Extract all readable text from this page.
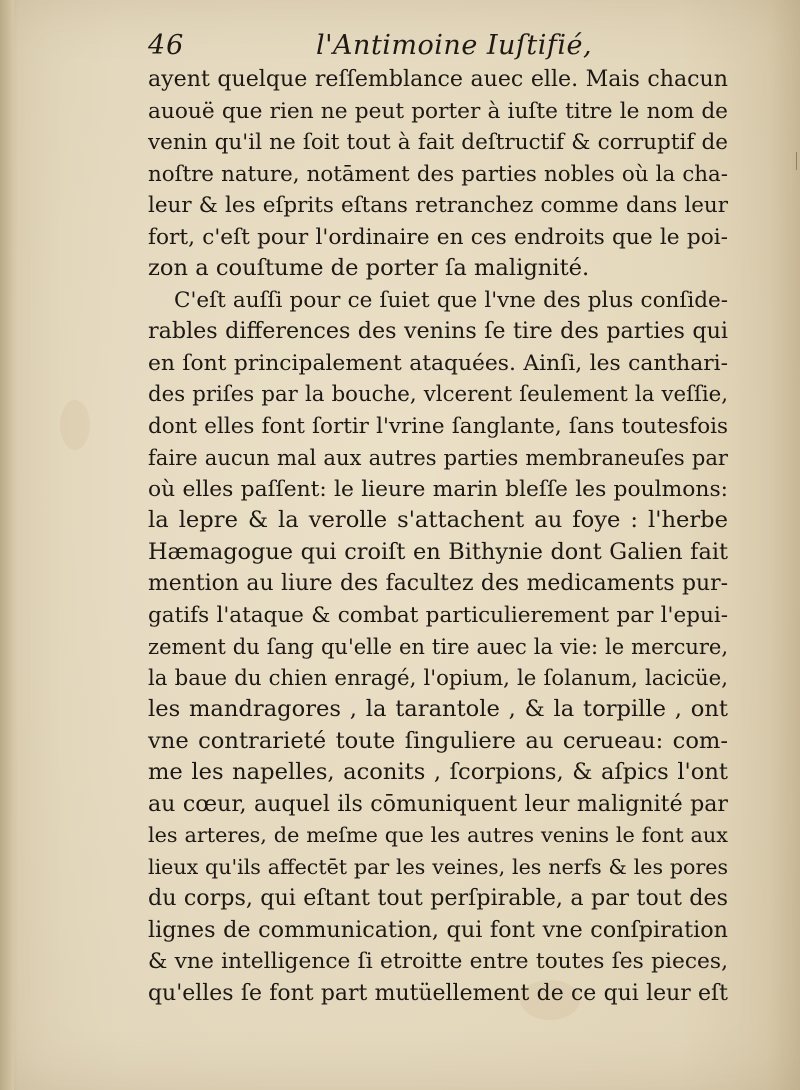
46	l'Antimoine Iuſtifié,
ayent quelque reſſemblance auec elle. Mais chacun
auouë que rien ne peut porter à iuſte titre le nom de
venin qu'il ne ſoit tout à fait deſtructif & corruptif de
noſtre nature, notāment des parties nobles où la cha-
leur & les eſprits eſtans retranchez comme dans leur
fort, c'eſt pour l'ordinaire en ces endroits que le poi-
zon a couſtume de porter ſa malignité.
C'eſt auſſi pour ce ſuiet que l'vne des plus conſide-
rables differences des venins ſe tire des parties qui
en ſont principalement ataquées. Ainſi, les canthari-
des priſes par la bouche, vlcerent ſeulement la veſſie,
dont elles font ſortir l'vrine ſanglante, ſans toutesfois
faire aucun mal aux autres parties membraneuſes par
où elles paſſent: le lieure marin bleſſe les poulmons:
la lepre & la verolle s'attachent au foye : l'herbe
Hæmagogue qui croiſt en Bithynie dont Galien fait
mention au liure des facultez des medicaments pur-
gatifs l'ataque & combat particulierement par l'epui-
zement du ſang qu'elle en tire auec la vie: le mercure,
la baue du chien enragé, l'opium, le ſolanum, lacicüe,
les mandragores , la tarantole , & la torpille , ont
vne contrarieté toute ſinguliere au cerueau: com-
me les napelles, aconits , ſcorpions, & aſpics l'ont
au cœur, auquel ils cōmuniquent leur malignité par
les arteres, de meſme que les autres venins le font aux
lieux qu'ils affectēt par les veines, les nerfs & les pores
du corps, qui eſtant tout perſpirable, a par tout des
lignes de communication, qui font vne conſpiration
& vne intelligence ſi etroitte entre toutes ſes pieces,
qu'elles ſe font part mutüellement de ce qui leur eſt
